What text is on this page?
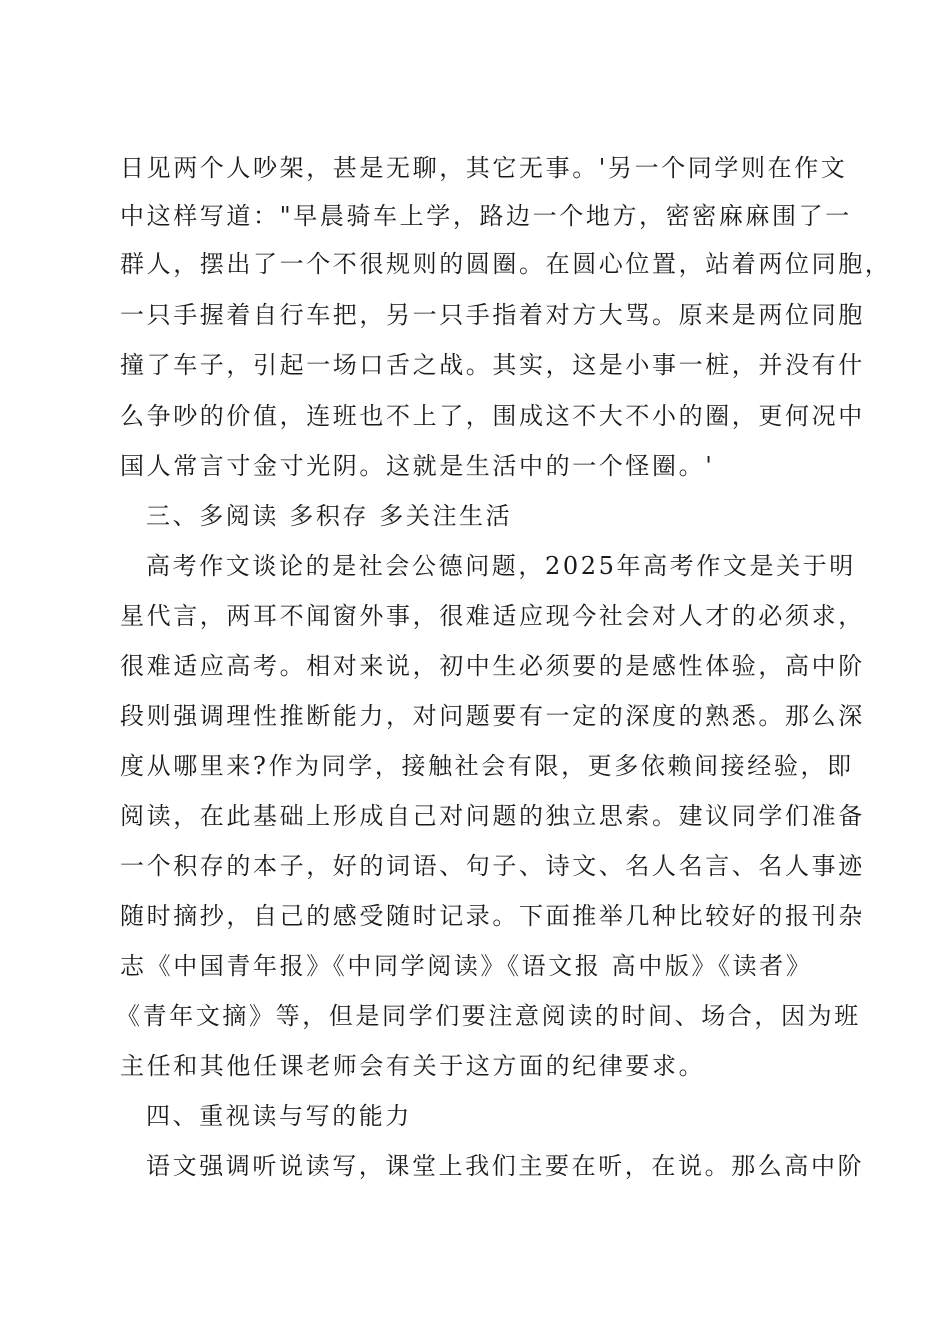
日见两个人吵架，甚是无聊，其它无事。'另一个同学则在作文
中这样写道："早晨骑车上学，路边一个地方，密密麻麻围了一
群人，摆出了一个不很规则的圆圈。在圆心位置，站着两位同胞，
一只手握着自行车把，另一只手指着对方大骂。原来是两位同胞
撞了车子，引起一场口舌之战。其实，这是小事一桩，并没有什
么争吵的价值，连班也不上了，围成这不大不小的圈，更何况中
国人常言寸金寸光阴。这就是生活中的一个怪圈。'
三、多阅读 多积存 多关注生活
高考作文谈论的是社会公德问题，2025年高考作文是关于明
星代言，两耳不闻窗外事，很难适应现今社会对人才的必须求，
很难适应高考。相对来说，初中生必须要的是感性体验，高中阶
段则强调理性推断能力，对问题要有一定的深度的熟悉。那么深
度从哪里来?作为同学，接触社会有限，更多依赖间接经验，即
阅读，在此基础上形成自己对问题的独立思索。建议同学们准备
一个积存的本子，好的词语、句子、诗文、名人名言、名人事迹
随时摘抄，自己的感受随时记录。下面推举几种比较好的报刊杂
志《中国青年报》《中同学阅读》《语文报 高中版》《读者》
《青年文摘》等，但是同学们要注意阅读的时间、场合，因为班
主任和其他任课老师会有关于这方面的纪律要求。
四、重视读与写的能力
语文强调听说读写，课堂上我们主要在听，在说。那么高中阶
